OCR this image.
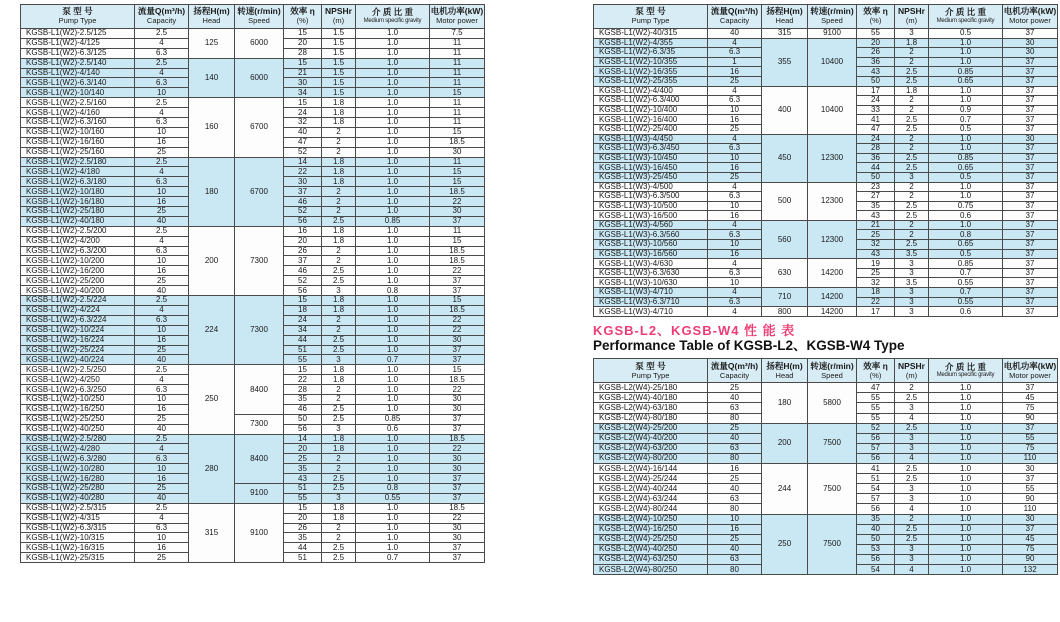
泵 型 号
Pump Type

流量Q(m³/h)
Capacity

扬程H(m)
Head

转速(r/min)
Speed

效率 η
(%)

NPSHr
(m)

介 质 比 重
Medium specific gravity

电机功率(kW)
Motor power

KGSB-L1(W2)-2.5/125	2.5	125	6000	15	1.5	1.0	7.5
KGSB-L1(W2)-4/125	4			20	1.5	1.0	11
KGSB-L1(W2)-6.3/125	6.3			28	1.5	1.0	11
KGSB-L1(W2)-2.5/140	2.5	140	6000	15	1.5	1.0	11
KGSB-L1(W2)-4/140	4			21	1.5	1.0	11
KGSB-L1(W2)-6.3/140	6.3			30	1.5	1.0	11
KGSB-L1(W2)-10/140	10			34	1.5	1.0	15
KGSB-L1(W2)-2.5/160	2.5	160	6700	15	1.8	1.0	11
KGSB-L1(W2)-4/160	4			24	1.8	1.0	11
KGSB-L1(W2)-6.3/160	6.3			32	1.8	1.0	11
KGSB-L1(W2)-10/160	10			40	2	1.0	15
KGSB-L1(W2)-16/160	16			47	2	1.0	18.5
KGSB-L1(W2)-25/160	25			52	2	1.0	30
KGSB-L1(W2)-2.5/180	2.5	180	6700	14	1.8	1.0	11
KGSB-L1(W2)-4/180	4			22	1.8	1.0	15
KGSB-L1(W2)-6.3/180	6.3			30	1.8	1.0	15
KGSB-L1(W2)-10/180	10			37	2	1.0	18.5
KGSB-L1(W2)-16/180	16			46	2	1.0	22
KGSB-L1(W2)-25/180	25			52	2	1.0	30
KGSB-L1(W2)-40/180	40			56	2.5	0.85	37
KGSB-L1(W2)-2.5/200	2.5	200	7300	16	1.8	1.0	11
KGSB-L1(W2)-4/200	4			20	1.8	1.0	15
KGSB-L1(W2)-6.3/200	6.3			26	2	1.0	18.5
KGSB-L1(W2)-10/200	10			37	2	1.0	18.5
KGSB-L1(W2)-16/200	16			46	2.5	1.0	22
KGSB-L1(W2)-25/200	25			52	2.5	1.0	37
KGSB-L1(W2)-40/200	40			56	3	0.8	37
KGSB-L1(W2)-2.5/224	2.5	224	7300	15	1.8	1.0	15
KGSB-L1(W2)-4/224	4			18	1.8	1.0	18.5
KGSB-L1(W2)-6.3/224	6.3			24	2	1.0	22
KGSB-L1(W2)-10/224	10			34	2	1.0	22
KGSB-L1(W2)-16/224	16			44	2.5	1.0	30
KGSB-L1(W2)-25/224	25			51	2.5	1.0	37
KGSB-L1(W2)-40/224	40			55	3	0.7	37
KGSB-L1(W2)-2.5/250	2.5	250	8400	15	1.8	1.0	15
KGSB-L1(W2)-4/250	4			22	1.8	1.0	18.5
KGSB-L1(W2)-6.3/250	6.3			28	2	1.0	22
KGSB-L1(W2)-10/250	10			35	2	1.0	30
KGSB-L1(W2)-16/250	16			46	2.5	1.0	30
KGSB-L1(W2)-25/250	25		7300	50	2.5	0.85	37
KGSB-L1(W2)-40/250	40			56	3	0.6	37
KGSB-L1(W2)-2.5/280	2.5	280	8400	14	1.8	1.0	18.5
KGSB-L1(W2)-4/280	4			20	1.8	1.0	22
KGSB-L1(W2)-6.3/280	6.3			25	2	1.0	30
KGSB-L1(W2)-10/280	10			35	2	1.0	30
KGSB-L1(W2)-16/280	16			43	2.5	1.0	37
KGSB-L1(W2)-25/280	25		9100	51	2.5	0.8	37
KGSB-L1(W2)-40/280	40			55	3	0.55	37
KGSB-L1(W2)-2.5/315	2.5	315	9100	15	1.8	1.0	18.5
KGSB-L1(W2)-4/315	4			20	1.8	1.0	22
KGSB-L1(W2)-6.3/315	6.3			26	2	1.0	30
KGSB-L1(W2)-10/315	10			35	2	1.0	30
KGSB-L1(W2)-16/315	16			44	2.5	1.0	37
KGSB-L1(W2)-25/315	25			51	2.5	0.7	37
泵 型 号
Pump Type

流量Q(m³/h)
Capacity

扬程H(m)
Head

转速(r/min)
Speed

效率 η
(%)

NPSHr
(m)

介 质 比 重
Medium specific gravity

电机功率(kW)
Motor power

KGSB-L1(W2)-40/315	40	315	9100	55	3	0.5	37
KGSB-L1(W2)-4/355	4	355	10400	20	1.8	1.0	30
KGSB-L1(W2)-6.3/35	6.3			26	2	1.0	30
KGSB-L1(W2)-10/355	1			36	2	1.0	37
KGSB-L1(W2)-16/355	16			43	2.5	0.85	37
KGSB-L1(W2)-25/355	25			50	2.5	0.65	37
KGSB-L1(W2)-4/400	4	400	10400	17	1.8	1.0	37
KGSB-L1(W2)-6.3/400	6.3			24	2	1.0	37
KGSB-L1(W2)-10/400	10			33	2	0.9	37
KGSB-L1(W2)-16/400	16			41	2.5	0.7	37
KGSB-L1(W2)-25/400	25			47	2.5	0.5	37
KGSB-L1(W3)-4/450	4	450	12300	24	2	1.0	30
KGSB-L1(W3)-6.3/450	6.3			28	2	1.0	37
KGSB-L1(W3)-10/450	10			36	2.5	0.85	37
KGSB-L1(W3)-16/450	16			44	2.5	0.65	37
KGSB-L1(W3)-25/450	25			50	3	0.5	37
KGSB-L1(W3)-4/500	4	500	12300	23	2	1.0	37
KGSB-L1(W3)-6.3/500	6.3			27	2	1.0	37
KGSB-L1(W3)-10/500	10			35	2.5	0.75	37
KGSB-L1(W3)-16/500	16			43	2.5	0.6	37
KGSB-L1(W3)-4/560	4	560	12300	21	2	1.0	37
KGSB-L1(W3)-6.3/560	6.3			25	2	0.8	37
KGSB-L1(W3)-10/560	10			32	2.5	0.65	37
KGSB-L1(W3)-16/560	16			43	3.5	0.5	37
KGSB-L1(W3)-4/630	4	630	14200	19	3	0.85	37
KGSB-L1(W3)-6.3/630	6.3			25	3	0.7	37
KGSB-L1(W3)-10/630	10			32	3.5	0.55	37
KGSB-L1(W3)-4/710	4	710	14200	18	3	0.7	37
KGSB-L1(W3)-6.3/710	6.3			22	3	0.55	37
KGSB-L1(W3)-4/710	4	800	14200	17	3	0.6	37
KGSB-L2、KGSB-W4 性 能 表
Performance Table of KGSB-L2、KGSB-W4 Type
泵 型 号
Pump Type

流量Q(m³/h)
Capacity

扬程H(m)
Head

转速(r/min)
Speed

效率 η
(%)

NPSHr
(m)

介 质 比 重
Medium specific gravity

电机功率(kW)
Motor power

KGSB-L2(W4)-25/180	25	180	5800	47	2	1.0	37
KGSB-L2(W4)-40/180	40			55	2.5	1.0	45
KGSB-L2(W4)-63/180	63			55	3	1.0	75
KGSB-L2(W4)-80/180	80			55	4	1.0	90
KGSB-L2(W4)-25/200	25	200	7500	52	2.5	1.0	37
KGSB-L2(W4)-40/200	40			56	3	1.0	55
KGSB-L2(W4)-63/200	63			57	3	1.0	75
KGSB-L2(W4)-80/200	80			56	4	1.0	110
KGSB-L2(W4)-16/144	16	244	7500	41	2.5	1.0	30
KGSB-L2(W4)-25/244	25			51	2.5	1.0	37
KGSB-L2(W4)-40/244	40			54	3	1.0	55
KGSB-L2(W4)-63/244	63			57	3	1.0	90
KGSB-L2(W4)-80/244	80			56	4	1.0	110
KGSB-L2(W4)-10/250	10	250	7500	35	2	1.0	30
KGSB-L2(W4)-16/250	16			40	2.5	1.0	37
KGSB-L2(W4)-25/250	25			50	2.5	1.0	45
KGSB-L2(W4)-40/250	40			53	3	1.0	75
KGSB-L2(W4)-63/250	63			56	3	1.0	90
KGSB-L2(W4)-80/250	80			54	4	1.0	132
